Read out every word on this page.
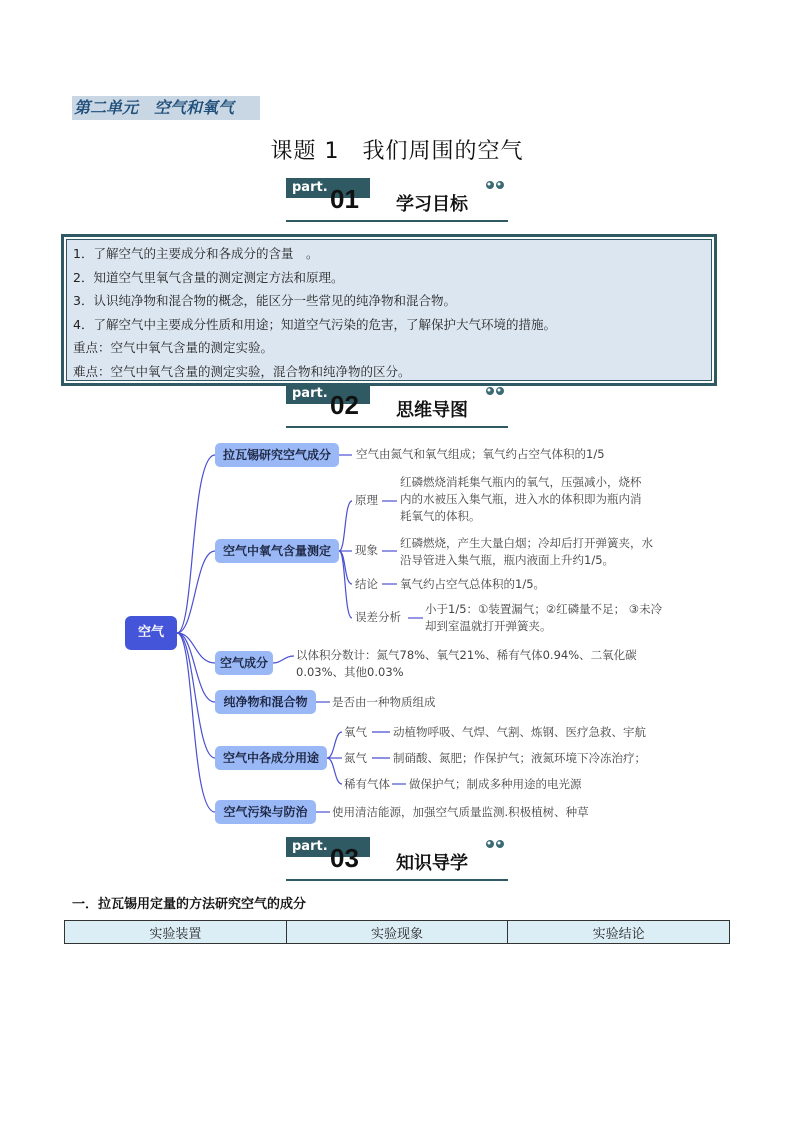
第二单元　空气和氧气
课题 1　我们周围的空气
part. 01 学习目标
1．了解空气的主要成分和各成分的含量　。
2．知道空气里氧气含量的测定测定方法和原理。
3．认识纯净物和混合物的概念，能区分一些常见的纯净物和混合物。
4．了解空气中主要成分性质和用途；知道空气污染的危害，了解保护大气环境的措施。
重点：空气中氧气含量的测定实验。
难点：空气中氧气含量的测定实验，混合物和纯净物的区分。
part. 02 思维导图
空气
拉瓦锡研究空气成分	空气由氮气和氧气组成；氧气约占空气体积的1/5
空气中氧气含量测定
原理
红磷燃烧消耗集气瓶内的氧气，压强减小，烧杯
内的水被压入集气瓶，进入水的体积即为瓶内消
耗氧气的体积。
现象 红磷燃烧，产生大量白烟；冷却后打开弹簧夹，水
沿导管进入集气瓶，瓶内液面上升约1/5。
结论 氧气约占空气总体积的1/5。
误差分析
小于1/5：①装置漏气；②红磷量不足； ③未冷
却到室温就打开弹簧夹。
空气成分
以体积分数计：氮气78%、氧气21%、稀有气体0.94%、二氧化碳
0.03%、其他0.03%
纯净物和混合物	是否由一种物质组成
空气中各成分用途
氧气 动植物呼吸、气焊、气割、炼钢、医疗急救、宇航
氮气 制硝酸、氮肥；作保护气；液氮环境下冷冻治疗；
稀有气体 做保护气；制成多种用途的电光源
空气污染与防治	使用清洁能源，加强空气质量监测.积极植树、种草
part. 03 知识导学
一．拉瓦锡用定量的方法研究空气的成分
实验装置	实验现象	实验结论
